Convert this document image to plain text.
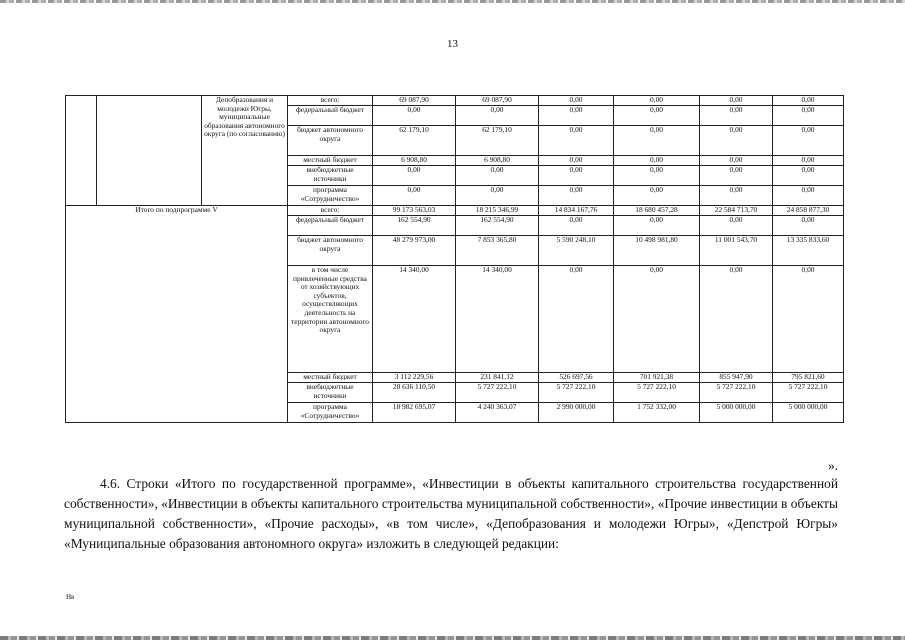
13
		Депобразования и молодежи Югры, муниципальные образования автономного округа (по согласованию)	всего:	69 087,90	69 087,90	0,00	0,00	0,00	0,00
			федеральный бюджет	0,00	0,00	0,00	0,00	0,00	0,00
			бюджет автономного округа	62 179,10	62 179,10	0,00	0,00	0,00	0,00
			местный бюджет	6 908,80	6 908,80	0,00	0,00	0,00	0,00
			внебюджетные источники	0,00	0,00	0,00	0,00	0,00	0,00
			программа «Сотрудничество»	0,00	0,00	0,00	0,00	0,00	0,00
Итого по подпрограмме V			всего:	99 173 563,03	18 215 346,99	14 834 167,76	18 680 457,28	22 584 713,70	24 858 877,30
			федеральный бюджет	162 554,90	162 554,90	0,00	0,00	0,00	0,00
			бюджет автономного округа	48 279 973,00	7 853 365,80	5 590 248,10	10 498 981,80	11 001 543,70	13 335 833,60
			в том числе привлеченные средства от хозяйствующих субъектов, осуществляющих деятельность на территории автономного округа	14 340,00	14 340,00	0,00	0,00	0,00	0,00
			местный бюджет	3 112 229,56	231 841,12	526 697,56	701 921,38	855 947,90	795 821,60
			внебюджетные источники	28 636 110,50	5 727 222,10	5 727 222,10	5 727 222,10	5 727 222,10	5 727 222,10
			программа «Сотрудничество»	18 982 695,07	4 240 363,07	2 990 000,00	1 752 332,00	5 000 000,00	5 000 000,00
».
4.6. Строки «Итого по государственной программе», «Инвестиции в объекты капитального строительства государственной собственности», «Инвестиции в объекты капитального строительства муниципальной собственности», «Прочие инвестиции в объекты муниципальной собственности», «Прочие расходы», «в том числе», «Депобразования и молодежи Югры», «Депстрой Югры» «Муниципальные образования автономного округа» изложить в следующей редакции:
Нв
